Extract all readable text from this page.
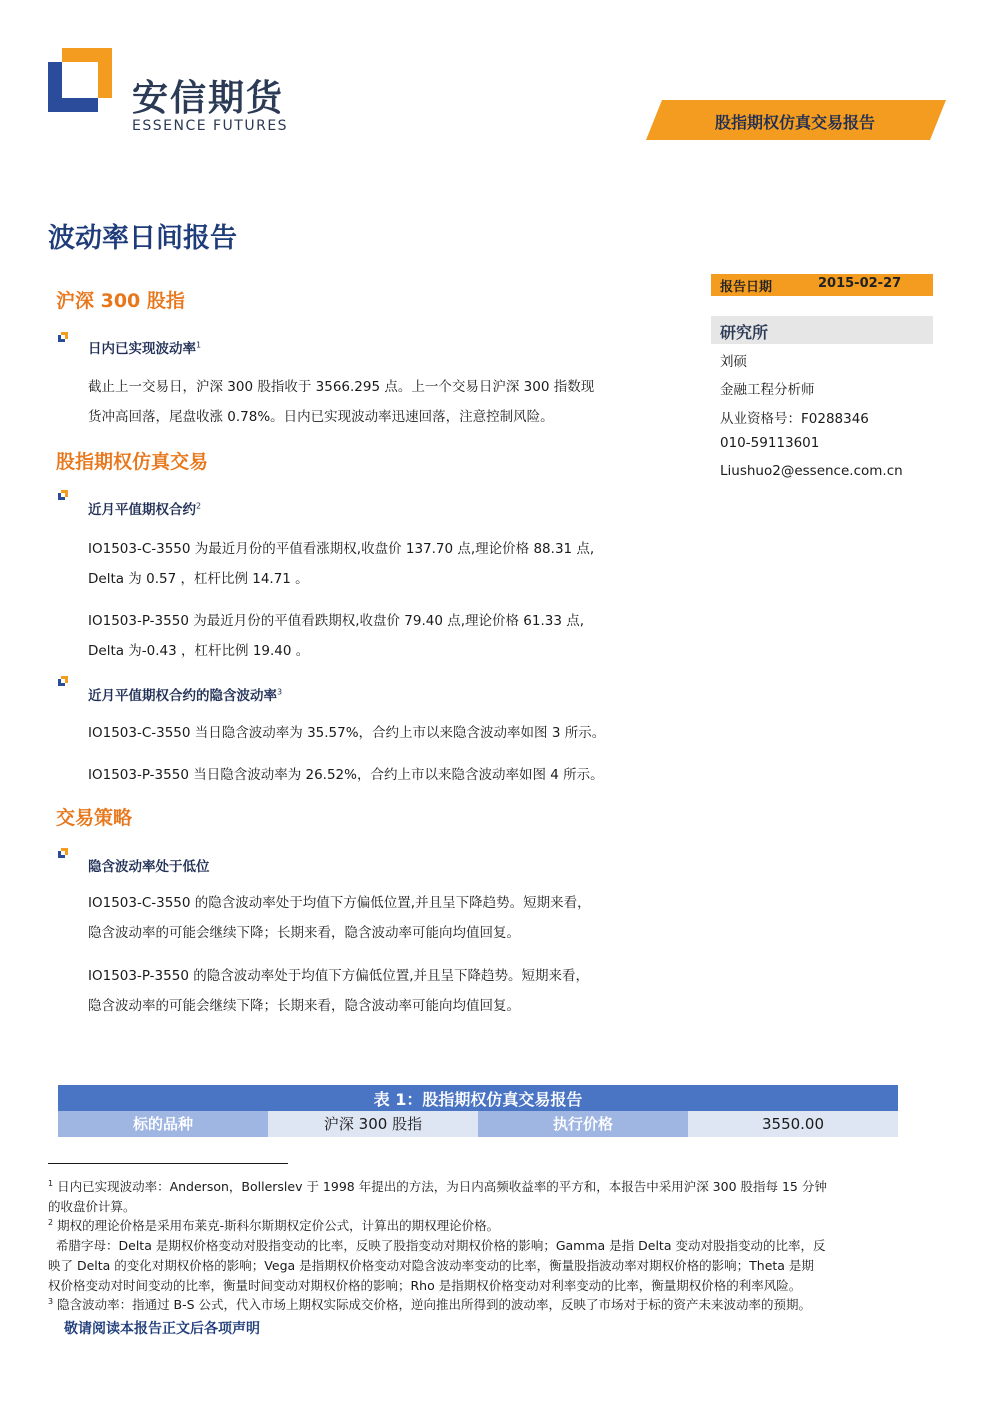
安信期货
ESSENCE FUTURES	股指期权仿真交易报告
波动率日间报告
报告日期	2015-02-27
研究所
刘硕
金融工程分析师
从业资格号：F0288346
010-59113601
Liushuo2@essence.com.cn
沪深 300 股指
日内已实现波动率$^1$
截止上一交易日，沪深 300 股指收于 3566.295 点。上一个交易日沪深 300 指数现
货冲高回落，尾盘收涨 0.78%。日内已实现波动率迅速回落，注意控制风险。
股指期权仿真交易
近月平值期权合约$^2$
IO1503-C-3550 为最近月份的平值看涨期权,收盘价 137.70 点,理论价格 88.31 点,
Delta 为 0.57 ，杠杆比例 14.71 。
IO1503-P-3550 为最近月份的平值看跌期权,收盘价 79.40 点,理论价格 61.33 点,
Delta 为-0.43 ，杠杆比例 19.40 。
近月平值期权合约的隐含波动率$^3$
IO1503-C-3550 当日隐含波动率为 35.57%，合约上市以来隐含波动率如图 3 所示。
IO1503-P-3550 当日隐含波动率为 26.52%，合约上市以来隐含波动率如图 4 所示。
交易策略
隐含波动率处于低位
IO1503-C-3550 的隐含波动率处于均值下方偏低位置,并且呈下降趋势。短期来看，
隐含波动率的可能会继续下降；长期来看，隐含波动率可能向均值回复。
IO1503-P-3550 的隐含波动率处于均值下方偏低位置,并且呈下降趋势。短期来看，
隐含波动率的可能会继续下降；长期来看，隐含波动率可能向均值回复。
表 1：股指期权仿真交易报告
标的品种	沪深 300 股指	执行价格	3550.00
$^1$ 日内已实现波动率：Anderson，Bollerslev 于 1998 年提出的方法，为日内高频收益率的平方和，本报告中采用沪深 300 股指每 15 分钟
的收盘价计算。
$^2$ 期权的理论价格是采用布莱克-斯科尔斯期权定价公式，计算出的期权理论价格。
希腊字母：Delta 是期权价格变动对股指变动的比率，反映了股指变动对期权价格的影响；Gamma 是指 Delta 变动对股指变动的比率，反
映了 Delta 的变化对期权价格的影响；Vega 是指期权价格变动对隐含波动率变动的比率，衡量股指波动率对期权价格的影响；Theta 是期
权价格变动对时间变动的比率，衡量时间变动对期权价格的影响；Rho 是指期权价格变动对利率变动的比率，衡量期权价格的利率风险。
$^3$ 隐含波动率：指通过 B-S 公式，代入市场上期权实际成交价格，逆向推出所得到的波动率，反映了市场对于标的资产未来波动率的预期。
敬请阅读本报告正文后各项声明
